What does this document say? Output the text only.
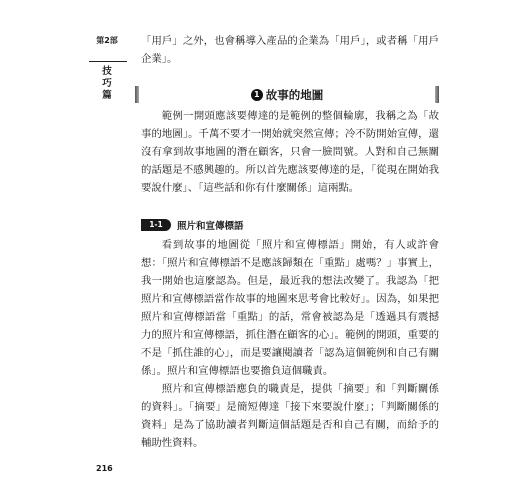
第2部
技巧篇
「用戶」之外，也會稱導入產品的企業為「用戶」，或者稱「用戶企業」。
1 故事的地圖
範例一開頭應該要傳達的是範例的整個輪廓，我稱之為「故事的地圖」。千萬不要才一開始就突然宣傳；冷不防開始宣傳，還沒有拿到故事地圖的潛在顧客，只會一臉問號。人對和自己無關的話題是不感興趣的。所以首先應該要傳達的是，「從現在開始我要說什麼」、「這些話和你有什麼關係」這兩點。
1-1	照片和宣傳標語
看到故事的地圖從「照片和宣傳標語」開始，有人或許會想：「照片和宣傳標語不是應該歸類在「重點」處嗎？」事實上，我一開始也這麼認為。但是，最近我的想法改變了。我認為「把照片和宣傳標語當作故事的地圖來思考會比較好」。因為，如果把照片和宣傳標語當「重點」的話，常會被認為是「透過具有震撼力的照片和宣傳標語，抓住潛在顧客的心」。範例的開頭，重要的不是「抓住誰的心」，而是要讓閱讀者「認為這個範例和自己有關係」。照片和宣傳標語也要擔負這個職責。
照片和宣傳標語應負的職責是，提供「摘要」和「判斷關係的資料」。「摘要」是簡短傳達「接下來要說什麼」；「判斷關係的資料」是為了協助讀者判斷這個話題是否和自己有關，而給予的輔助性資料。
216
